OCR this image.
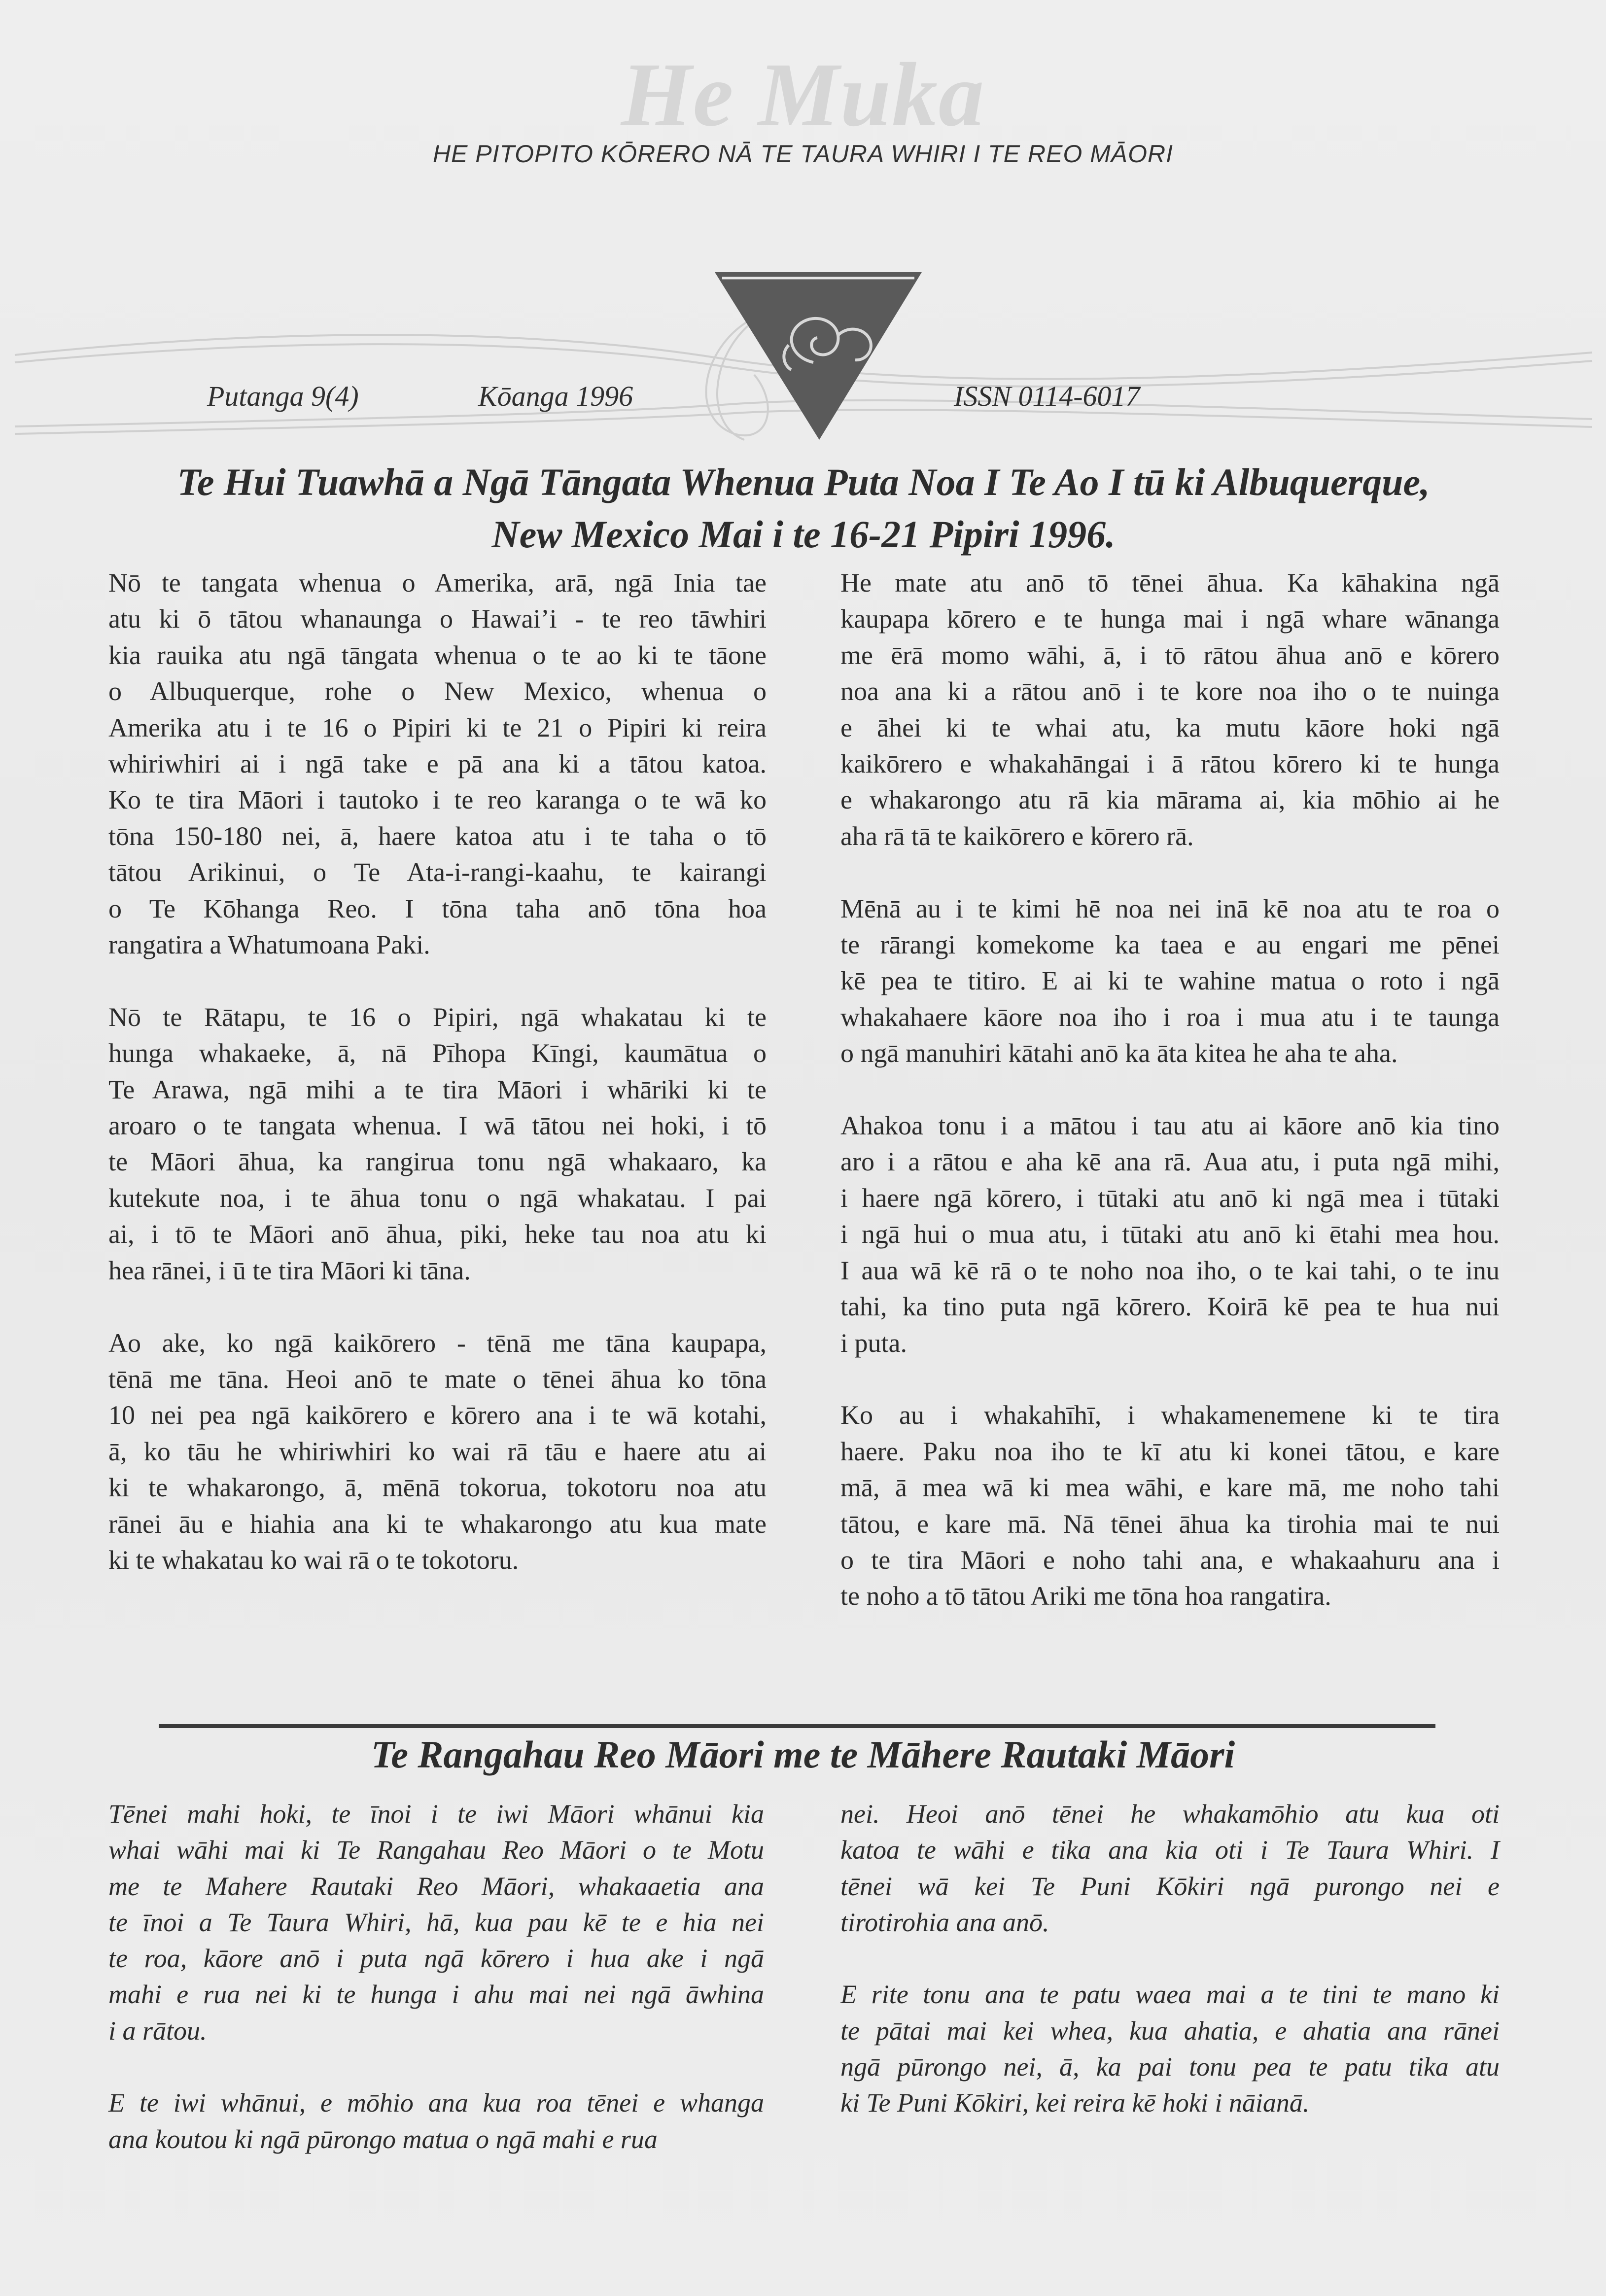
He Muka
HE PITOPITO KŌRERO NĀ TE TAURA WHIRI I TE REO MĀORI
Putanga 9(4)	Kōanga 1996	ISSN 0114-6017
Te Hui Tuawhā a Ngā Tāngata Whenua Puta Noa I Te Ao I tū ki Albuquerque,
New Mexico Mai i te 16-21 Pipiri 1996.
Nō te tangata whenua o Amerika, arā, ngā Inia tae
atu ki ō tātou whanaunga o Hawai’i - te reo tāwhiri
kia rauika atu ngā tāngata whenua o te ao ki te tāone
o Albuquerque, rohe o New Mexico, whenua o
Amerika atu i te 16 o Pipiri ki te 21 o Pipiri ki reira
whiriwhiri ai i ngā take e pā ana ki a tātou katoa.
Ko te tira Māori i tautoko i te reo karanga o te wā ko
tōna 150-180 nei, ā, haere katoa atu i te taha o tō
tātou Arikinui, o Te Ata-i-rangi-kaahu, te kairangi
o Te Kōhanga Reo. I tōna taha anō tōna hoa
rangatira a Whatumoana Paki.
Nō te Rātapu, te 16 o Pipiri, ngā whakatau ki te
hunga whakaeke, ā, nā Pīhopa Kīngi, kaumātua o
Te Arawa, ngā mihi a te tira Māori i whāriki ki te
aroaro o te tangata whenua. I wā tātou nei hoki, i tō
te Māori āhua, ka rangirua tonu ngā whakaaro, ka
kutekute noa, i te āhua tonu o ngā whakatau. I pai
ai, i tō te Māori anō āhua, piki, heke tau noa atu ki
hea rānei, i ū te tira Māori ki tāna.
Ao ake, ko ngā kaikōrero - tēnā me tāna kaupapa,
tēnā me tāna. Heoi anō te mate o tēnei āhua ko tōna
10 nei pea ngā kaikōrero e kōrero ana i te wā kotahi,
ā, ko tāu he whiriwhiri ko wai rā tāu e haere atu ai
ki te whakarongo, ā, mēnā tokorua, tokotoru noa atu
rānei āu e hiahia ana ki te whakarongo atu kua mate
ki te whakatau ko wai rā o te tokotoru.
He mate atu anō tō tēnei āhua. Ka kāhakina ngā
kaupapa kōrero e te hunga mai i ngā whare wānanga
me ērā momo wāhi, ā, i tō rātou āhua anō e kōrero
noa ana ki a rātou anō i te kore noa iho o te nuinga
e āhei ki te whai atu, ka mutu kāore hoki ngā
kaikōrero e whakahāngai i ā rātou kōrero ki te hunga
e whakarongo atu rā kia mārama ai, kia mōhio ai he
aha rā tā te kaikōrero e kōrero rā.
Mēnā au i te kimi hē noa nei inā kē noa atu te roa o
te rārangi komekome ka taea e au engari me pēnei
kē pea te titiro. E ai ki te wahine matua o roto i ngā
whakahaere kāore noa iho i roa i mua atu i te taunga
o ngā manuhiri kātahi anō ka āta kitea he aha te aha.
Ahakoa tonu i a mātou i tau atu ai kāore anō kia tino
aro i a rātou e aha kē ana rā. Aua atu, i puta ngā mihi,
i haere ngā kōrero, i tūtaki atu anō ki ngā mea i tūtaki
i ngā hui o mua atu, i tūtaki atu anō ki ētahi mea hou.
I aua wā kē rā o te noho noa iho, o te kai tahi, o te inu
tahi, ka tino puta ngā kōrero. Koirā kē pea te hua nui
i puta.
Ko au i whakahīhī, i whakamenemene ki te tira
haere. Paku noa iho te kī atu ki konei tātou, e kare
mā, ā mea wā ki mea wāhi, e kare mā, me noho tahi
tātou, e kare mā. Nā tēnei āhua ka tirohia mai te nui
o te tira Māori e noho tahi ana, e whakaahuru ana i
te noho a tō tātou Ariki me tōna hoa rangatira.
Te Rangahau Reo Māori me te Māhere Rautaki Māori
Tēnei mahi hoki, te īnoi i te iwi Māori whānui kia
whai wāhi mai ki Te Rangahau Reo Māori o te Motu
me te Mahere Rautaki Reo Māori, whakaaetia ana
te īnoi a Te Taura Whiri, hā, kua pau kē te e hia nei
te roa, kāore anō i puta ngā kōrero i hua ake i ngā
mahi e rua nei ki te hunga i ahu mai nei ngā āwhina
i a rātou.
E te iwi whānui, e mōhio ana kua roa tēnei e whanga
ana koutou ki ngā pūrongo matua o ngā mahi e rua
nei. Heoi anō tēnei he whakamōhio atu kua oti
katoa te wāhi e tika ana kia oti i Te Taura Whiri. I
tēnei wā kei Te Puni Kōkiri ngā purongo nei e
tirotirohia ana anō.
E rite tonu ana te patu waea mai a te tini te mano ki
te pātai mai kei whea, kua ahatia, e ahatia ana rānei
ngā pūrongo nei, ā, ka pai tonu pea te patu tika atu
ki Te Puni Kōkiri, kei reira kē hoki i nāianā.
